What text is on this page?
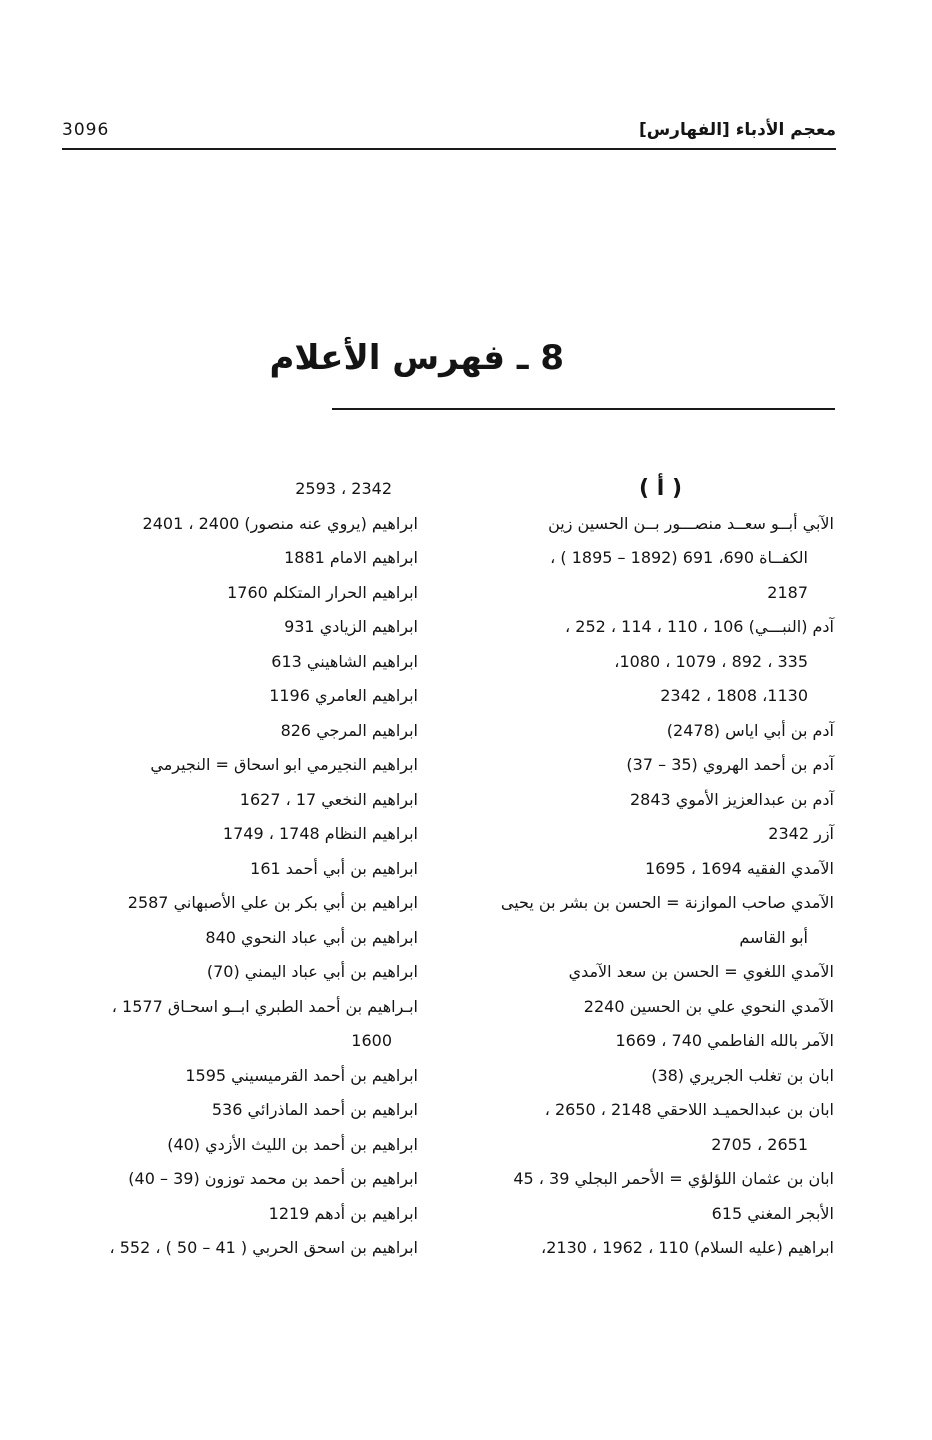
معجم الأدباء [الفهارس]
3096
8 ـ فهرس الأعلام
( أ )
الآبي أبــو سعــد منصـــور بــن الحسين زين
الكفــاة 690، 691 (1892 – 1895 ) ،
2187
آدم (النبـــي) 106 ، 110 ، 114 ، 252 ،
335 ، 892 ، 1079 ، 1080،
1130، 1808 ، 2342
آدم بن أبي اياس (2478)
آدم بن أحمد الهروي (35 – 37)
آدم بن عبدالعزيز الأموي 2843
آزر 2342
الآمدي الفقيه 1694 ، 1695
الآمدي صاحب الموازنة = الحسن بن بشر بن يحيى
أبو القاسم
الآمدي اللغوي = الحسن بن سعد الآمدي
الآمدي النحوي علي بن الحسين 2240
الآمر بالله الفاطمي 740 ، 1669
ابان بن تغلب الجريري (38)
ابان بن عبدالحميـد اللاحقي 2148 ، 2650 ،
2651 ، 2705
ابان بن عثمان اللؤلؤي = الأحمر البجلي 39 ، 45
الأبجر المغني 615
ابراهيم (عليه السلام) 110 ، 1962 ، 2130،
2342 ، 2593
ابراهيم (يروي عنه منصور) 2400 ، 2401
ابراهيم الامام 1881
ابراهيم الحرار المتكلم 1760
ابراهيم الزيادي 931
ابراهيم الشاهيني 613
ابراهيم العامري 1196
ابراهيم المرجي 826
ابراهيم النجيرمي ابو اسحاق = النجيرمي
ابراهيم النخعي 17 ، 1627
ابراهيم النظام 1748 ، 1749
ابراهيم بن أبي أحمد 161
ابراهيم بن أبي بكر بن علي الأصبهاني 2587
ابراهيم بن أبي عباد النحوي 840
ابراهيم بن أبي عباد اليمني (70)
ابـراهيم بن أحمد الطبري ابــو اسحـاق 1577 ،
1600
ابراهيم بن أحمد القرميسيني 1595
ابراهيم بن أحمد الماذرائي 536
ابراهيم بن أحمد بن الليث الأزدي (40)
ابراهيم بن أحمد بن محمد توزون (39 – 40)
ابراهيم بن أدهم 1219
ابراهيم بن اسحق الحربي ( 41 – 50 ) ، 552 ،
